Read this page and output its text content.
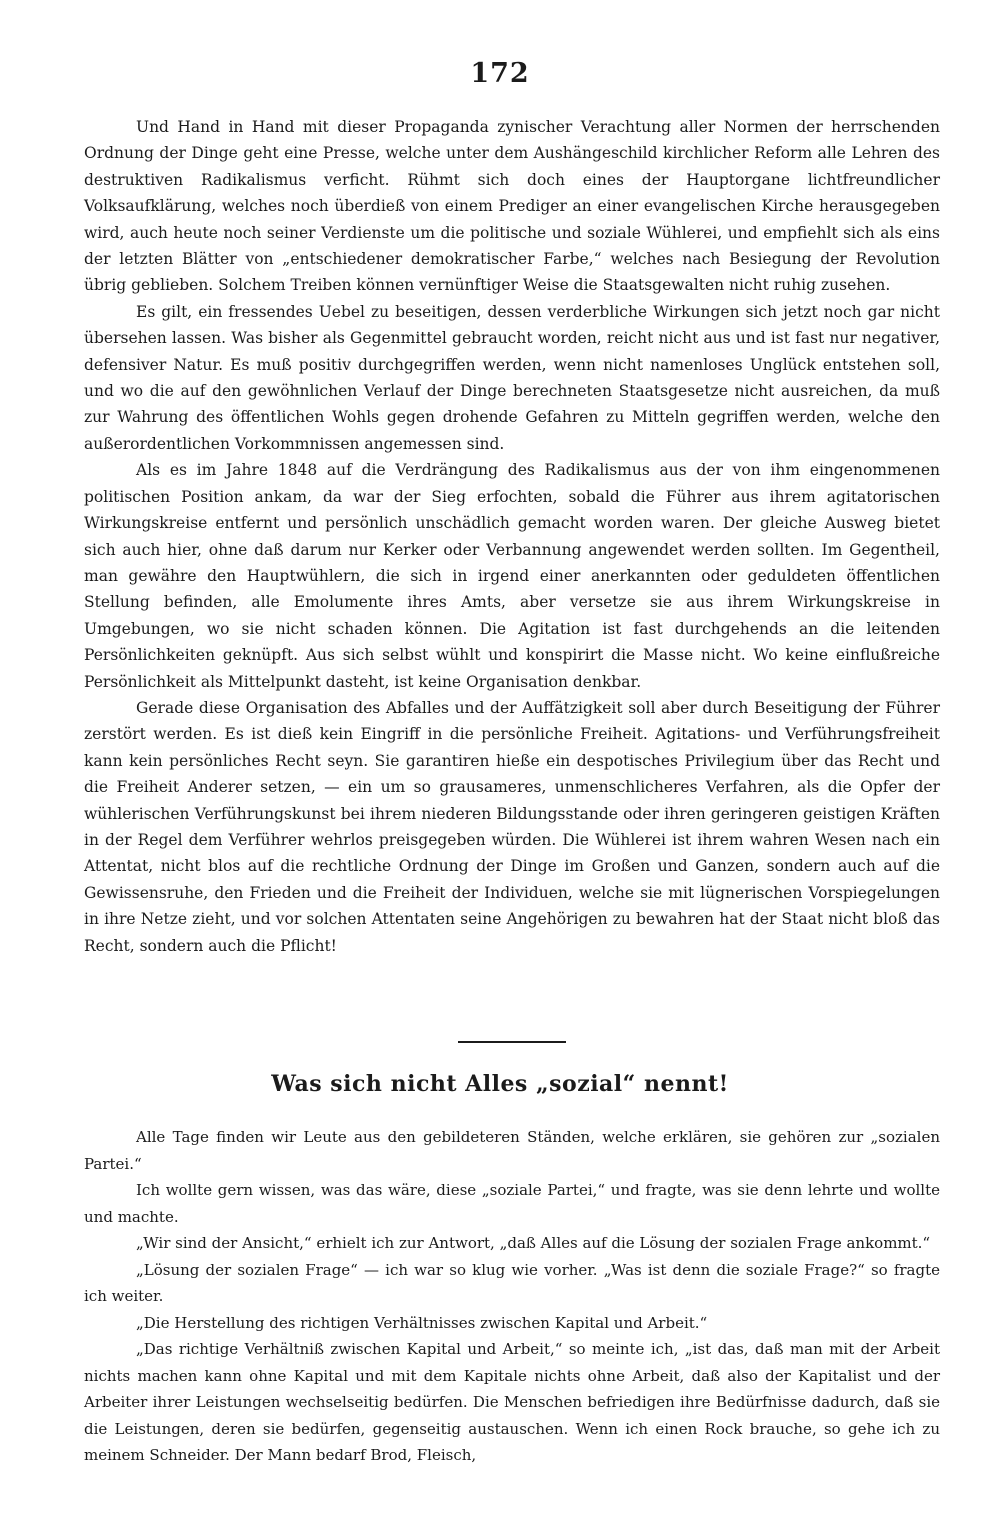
172

Und Hand in Hand mit dieser Propaganda zynischer Verachtung aller Normen der herrschenden Ordnung der Dinge geht eine Presse, welche unter dem Aushängeschild kirchlicher Reform alle Lehren des destruktiven Radikalismus verficht. Rühmt sich doch eines der Hauptorgane lichtfreundlicher Volksaufklärung, welches noch überdieß von einem Prediger an einer evangelischen Kirche herausgegeben wird, auch heute noch seiner Verdienste um die politische und soziale Wühlerei, und empfiehlt sich als eins der letzten Blätter von „entschiedener demokratischer Farbe,“ welches nach Besiegung der Revolution übrig geblieben. Solchem Treiben können vernünftiger Weise die Staatsgewalten nicht ruhig zusehen.

Es gilt, ein fressendes Uebel zu beseitigen, dessen verderbliche Wirkungen sich jetzt noch gar nicht übersehen lassen. Was bisher als Gegenmittel gebraucht worden, reicht nicht aus und ist fast nur negativer, defensiver Natur. Es muß positiv durchgegriffen werden, wenn nicht namenloses Unglück entstehen soll, und wo die auf den gewöhnlichen Verlauf der Dinge berechneten Staatsgesetze nicht ausreichen, da muß zur Wahrung des öffentlichen Wohls gegen drohende Gefahren zu Mitteln gegriffen werden, welche den außerordentlichen Vorkommnissen angemessen sind.

Als es im Jahre 1848 auf die Verdrängung des Radikalismus aus der von ihm eingenommenen politischen Position ankam, da war der Sieg erfochten, sobald die Führer aus ihrem agitatorischen Wirkungskreise entfernt und persönlich unschädlich gemacht worden waren. Der gleiche Ausweg bietet sich auch hier, ohne daß darum nur Kerker oder Verbannung angewendet werden sollten. Im Gegentheil, man gewähre den Hauptwühlern, die sich in irgend einer anerkannten oder geduldeten öffentlichen Stellung befinden, alle Emolumente ihres Amts, aber versetze sie aus ihrem Wirkungskreise in Umgebungen, wo sie nicht schaden können. Die Agitation ist fast durchgehends an die leitenden Persönlichkeiten geknüpft. Aus sich selbst wühlt und konspirirt die Masse nicht. Wo keine einflußreiche Persönlichkeit als Mittelpunkt dasteht, ist keine Organisation denkbar.

Gerade diese Organisation des Abfalles und der Auffätzigkeit soll aber durch Beseitigung der Führer zerstört werden. Es ist dieß kein Eingriff in die persönliche Freiheit. Agitations- und Verführungsfreiheit kann kein persönliches Recht seyn. Sie garantiren hieße ein despotisches Privilegium über das Recht und die Freiheit Anderer setzen, — ein um so grausameres, unmenschlicheres Verfahren, als die Opfer der wühlerischen Verführungskunst bei ihrem niederen Bildungsstande oder ihren geringeren geistigen Kräften in der Regel dem Verführer wehrlos preisgegeben würden. Die Wühlerei ist ihrem wahren Wesen nach ein Attentat, nicht blos auf die rechtliche Ordnung der Dinge im Großen und Ganzen, sondern auch auf die Gewissensruhe, den Frieden und die Freiheit der Individuen, welche sie mit lügnerischen Vorspiegelungen in ihre Netze zieht, und vor solchen Attentaten seine Angehörigen zu bewahren hat der Staat nicht bloß das Recht, sondern auch die Pflicht!

Was sich nicht Alles „sozial“ nennt!

Alle Tage finden wir Leute aus den gebildeteren Ständen, welche erklären, sie gehören zur „sozialen Partei.“

Ich wollte gern wissen, was das wäre, diese „soziale Partei,“ und fragte, was sie denn lehrte und wollte und machte.

„Wir sind der Ansicht,“ erhielt ich zur Antwort, „daß Alles auf die Lösung der sozialen Frage ankommt.“

„Lösung der sozialen Frage“ — ich war so klug wie vorher. „Was ist denn die soziale Frage?“ so fragte ich weiter.

„Die Herstellung des richtigen Verhältnisses zwischen Kapital und Arbeit.“

„Das richtige Verhältniß zwischen Kapital und Arbeit,“ so meinte ich, „ist das, daß man mit der Arbeit nichts machen kann ohne Kapital und mit dem Kapitale nichts ohne Arbeit, daß also der Kapitalist und der Arbeiter ihrer Leistungen wechselseitig bedürfen. Die Menschen befriedigen ihre Bedürfnisse dadurch, daß sie die Leistungen, deren sie bedürfen, gegenseitig austauschen. Wenn ich einen Rock brauche, so gehe ich zu meinem Schneider. Der Mann bedarf Brod, Fleisch,
